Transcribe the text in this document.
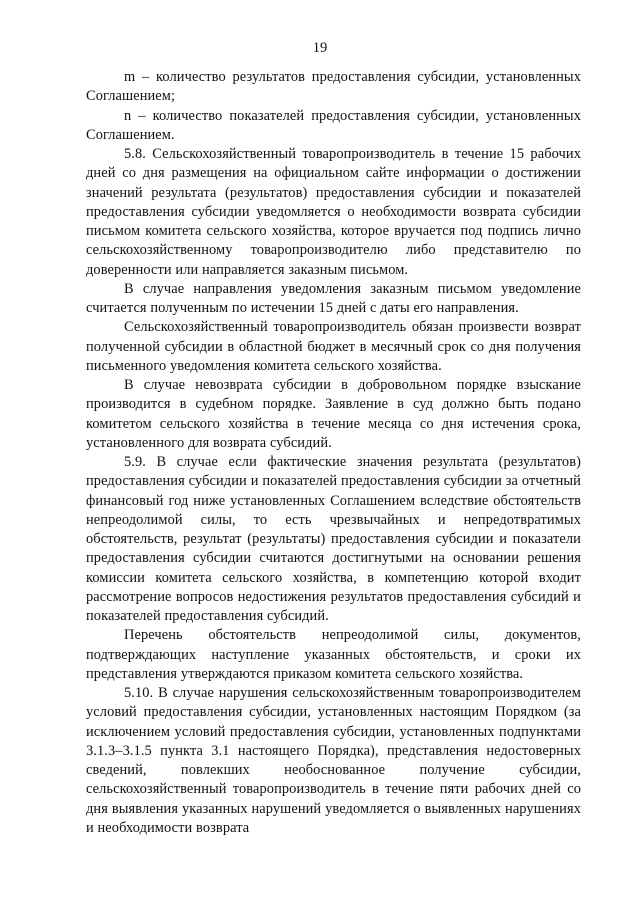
19

m – количество результатов предоставления субсидии, установленных Соглашением;

n – количество показателей предоставления субсидии, установленных Соглашением.

5.8. Сельскохозяйственный товаропроизводитель в течение 15 рабочих дней со дня размещения на официальном сайте информации о достижении значений результата (результатов) предоставления субсидии и показателей предоставления субсидии уведомляется о необходимости возврата субсидии письмом комитета сельского хозяйства, которое вручается под подпись лично сельскохозяйственному товаропроизводителю либо представителю по доверенности или направляется заказным письмом.

В случае направления уведомления заказным письмом уведомление считается полученным по истечении 15 дней с даты его направления.

Сельскохозяйственный товаропроизводитель обязан произвести возврат полученной субсидии в областной бюджет в месячный срок со дня получения письменного уведомления комитета сельского хозяйства.

В случае невозврата субсидии в добровольном порядке взыскание производится в судебном порядке. Заявление в суд должно быть подано комитетом сельского хозяйства в течение месяца со дня истечения срока, установленного для возврата субсидий.

5.9. В случае если фактические значения результата (результатов) предоставления субсидии и показателей предоставления субсидии за отчетный финансовый год ниже установленных Соглашением вследствие обстоятельств непреодолимой силы, то есть чрезвычайных и непредотвратимых обстоятельств, результат (результаты) предоставления субсидии и показатели предоставления субсидии считаются достигнутыми на основании решения комиссии комитета сельского хозяйства, в компетенцию которой входит рассмотрение вопросов недостижения результатов предоставления субсидий и показателей предоставления субсидий.

Перечень обстоятельств непреодолимой силы, документов, подтверждающих наступление указанных обстоятельств, и сроки их представления утверждаются приказом комитета сельского хозяйства.

5.10. В случае нарушения сельскохозяйственным товаропроизводителем условий предоставления субсидии, установленных настоящим Порядком (за исключением условий предоставления субсидии, установленных подпунктами 3.1.3–3.1.5 пункта 3.1 настоящего Порядка), представления недостоверных сведений, повлекших необоснованное получение субсидии, сельскохозяйственный товаропроизводитель в течение пяти рабочих дней со дня выявления указанных нарушений уведомляется о выявленных нарушениях и необходимости возврата
